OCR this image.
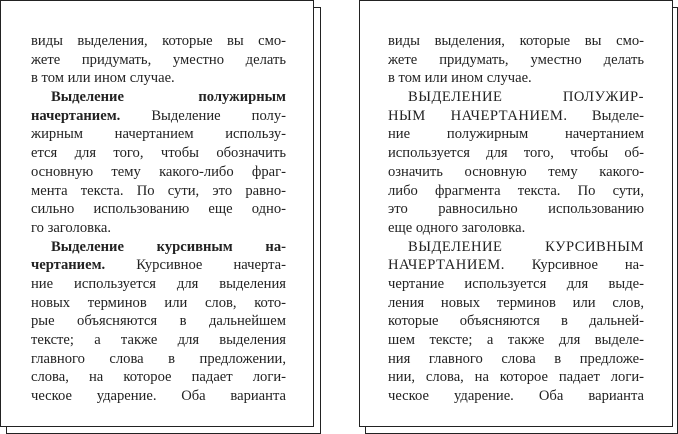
виды выделения, которые вы смо-
жете придумать, уместно делать
в том или ином случае.
Выделение полужирным
начертанием. Выделение полу-
жирным начертанием использу-
ется для того, чтобы обозначить
основную тему какого-либо фраг-
мента текста. По сути, это равно-
сильно использованию еще одно-
го заголовка.
Выделение курсивным на-
чертанием. Курсивное начерта-
ние используется для выделения
новых терминов или слов, кото-
рые объясняются в дальнейшем
тексте; а также для выделения
главного слова в предложении,
слова, на которое падает логи-
ческое ударение. Оба варианта
виды выделения, которые вы смо-
жете придумать, уместно делать
в том или ином случае.
ВЫДЕЛЕНИЕ ПОЛУЖИР-
НЫМ НАЧЕРТАНИЕМ. Выделе-
ние полужирным начертанием
используется для того, чтобы об-
означить основную тему какого-
либо фрагмента текста. По сути,
это равносильно использованию
еще одного заголовка.
ВЫДЕЛЕНИЕ КУРСИВНЫМ
НАЧЕРТАНИЕМ. Курсивное на-
чертание используется для выде-
ления новых терминов или слов,
которые объясняются в дальней-
шем тексте; а также для выделе-
ния главного слова в предложе-
нии, слова, на которое падает логи-
ческое ударение. Оба варианта
